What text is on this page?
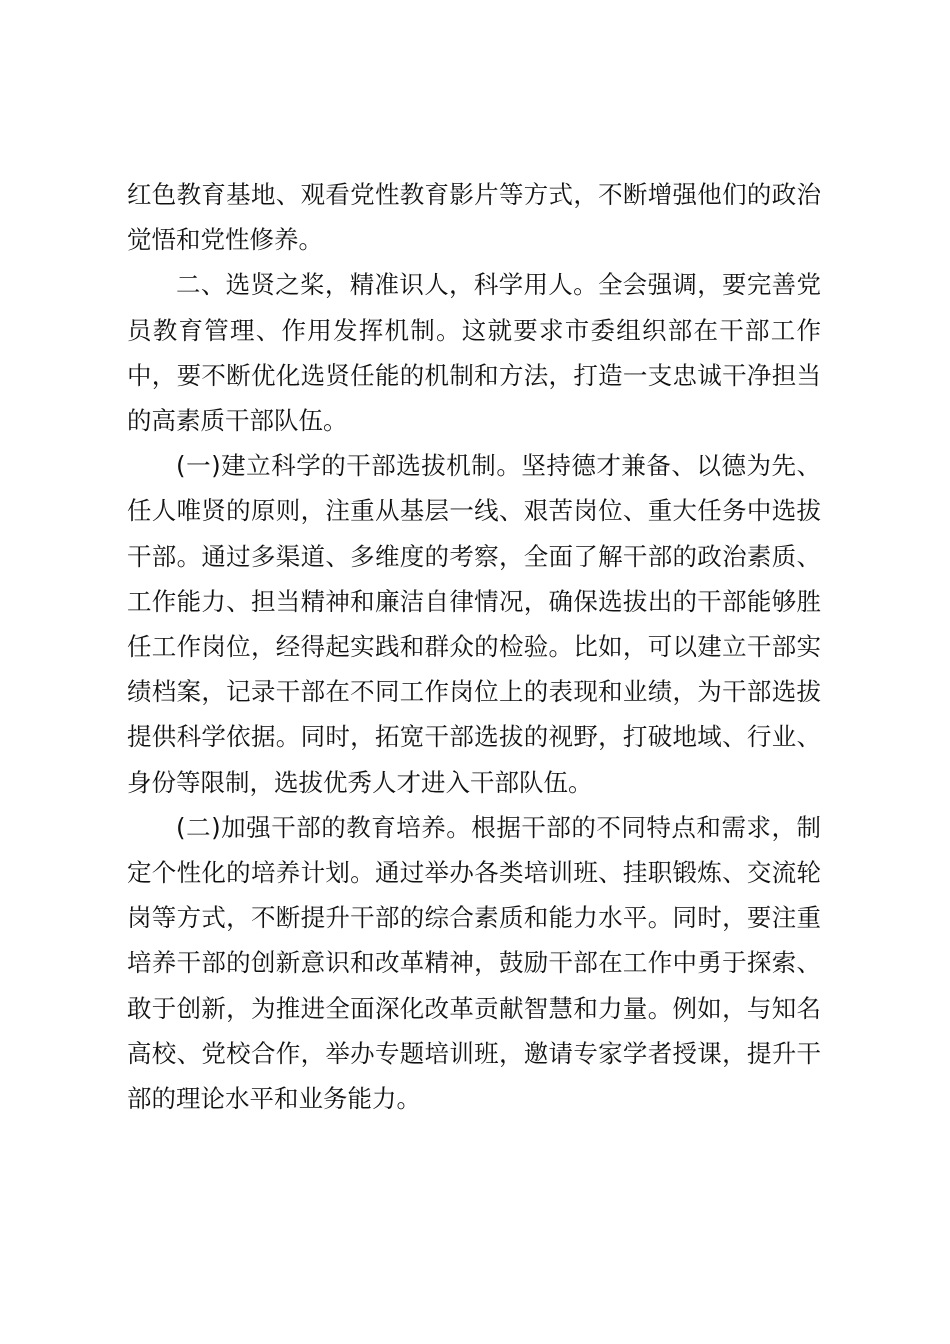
红色教育基地、观看党性教育影片等方式，不断增强他们的政治觉悟和党性修养。

二、选贤之桨，精准识人，科学用人。全会强调，要完善党员教育管理、作用发挥机制。这就要求市委组织部在干部工作中，要不断优化选贤任能的机制和方法，打造一支忠诚干净担当的高素质干部队伍。

(一)建立科学的干部选拔机制。坚持德才兼备、以德为先、任人唯贤的原则，注重从基层一线、艰苦岗位、重大任务中选拔干部。通过多渠道、多维度的考察，全面了解干部的政治素质、工作能力、担当精神和廉洁自律情况，确保选拔出的干部能够胜任工作岗位，经得起实践和群众的检验。比如，可以建立干部实绩档案，记录干部在不同工作岗位上的表现和业绩，为干部选拔提供科学依据。同时，拓宽干部选拔的视野，打破地域、行业、身份等限制，选拔优秀人才进入干部队伍。

(二)加强干部的教育培养。根据干部的不同特点和需求，制定个性化的培养计划。通过举办各类培训班、挂职锻炼、交流轮岗等方式，不断提升干部的综合素质和能力水平。同时，要注重培养干部的创新意识和改革精神，鼓励干部在工作中勇于探索、敢于创新，为推进全面深化改革贡献智慧和力量。例如，与知名高校、党校合作，举办专题培训班，邀请专家学者授课，提升干部的理论水平和业务能力。
